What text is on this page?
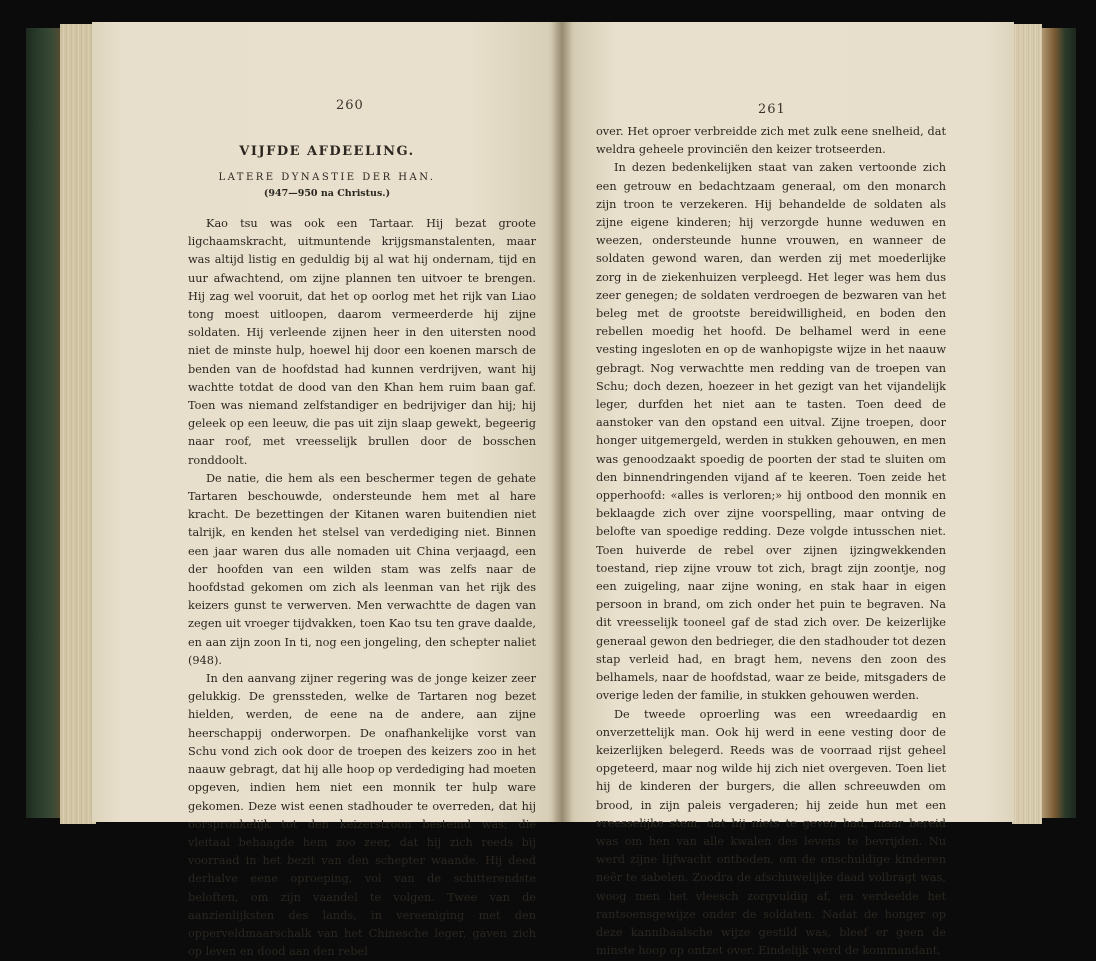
260
VIJFDE AFDEELING.
LATERE DYNASTIE DER HAN.
(947—950 na Christus.)

Kao tsu was ook een Tartaar. Hij bezat groote ligchaamskracht, uitmuntende krijgsmanstalenten, maar was altijd listig en geduldig bij al wat hij ondernam, tijd en uur afwachtend, om zijne plannen ten uitvoer te brengen. Hij zag wel vooruit, dat het op oorlog met het rijk van Liao tong moest uitloopen, daarom vermeerderde hij zijne soldaten. Hij verleende zijnen heer in den uitersten nood niet de minste hulp, hoewel hij door een koenen marsch de benden van de hoofdstad had kunnen verdrijven, want hij wachtte totdat de dood van den Khan hem ruim baan gaf. Toen was niemand zelfstandiger en bedrijviger dan hij; hij geleek op een leeuw, die pas uit zijn slaap gewekt, begeerig naar roof, met vreesselijk brullen door de bosschen ronddoolt.

De natie, die hem als een beschermer tegen de gehate Tartaren beschouwde, ondersteunde hem met al hare kracht. De bezettingen der Kitanen waren buitendien niet talrijk, en kenden het stelsel van verdediging niet. Binnen een jaar waren dus alle nomaden uit China verjaagd, een der hoofden van een wilden stam was zelfs naar de hoofdstad gekomen om zich als leenman van het rijk des keizers gunst te verwerven. Men verwachtte de dagen van zegen uit vroeger tijdvakken, toen Kao tsu ten grave daalde, en aan zijn zoon In ti, nog een jongeling, den schepter naliet (948).

In den aanvang zijner regering was de jonge keizer zeer gelukkig. De grenssteden, welke de Tartaren nog bezet hielden, werden, de eene na de andere, aan zijne heerschappij onderworpen. De onafhankelijke vorst van Schu vond zich ook door de troepen des keizers zoo in het naauw gebragt, dat hij alle hoop op verdediging had moeten opgeven, indien hem niet een monnik ter hulp ware gekomen. Deze wist eenen stadhouder te overreden, dat hij oorspronkelijk tot den keizerstroon bestemd was; die vleitaal behaagde hem zoo zeer, dat hij zich reeds bij voorraad in het bezit van den schepter waande. Hij deed derhalve eene oproeping, vol van de schitterendste beloften, om zijn vaandel te volgen. Twee van de aanzienlijksten des lands, in vereeniging met den opperveldmaarschalk van het Chinesche leger, gaven zich op leven en dood aan den rebel

261

over. Het oproer verbreidde zich met zulk eene snelheid, dat weldra geheele provinciën den keizer trotseerden.

In dezen bedenkelijken staat van zaken vertoonde zich een getrouw en bedachtzaam generaal, om den monarch zijn troon te verzekeren. Hij behandelde de soldaten als zijne eigene kinderen; hij verzorgde hunne weduwen en weezen, ondersteunde hunne vrouwen, en wanneer de soldaten gewond waren, dan werden zij met moederlijke zorg in de ziekenhuizen verpleegd. Het leger was hem dus zeer genegen; de soldaten verdroegen de bezwaren van het beleg met de grootste bereidwilligheid, en boden den rebellen moedig het hoofd. De belhamel werd in eene vesting ingesloten en op de wanhopigste wijze in het naauw gebragt. Nog verwachtte men redding van de troepen van Schu; doch dezen, hoezeer in het gezigt van het vijandelijk leger, durfden het niet aan te tasten. Toen deed de aanstoker van den opstand een uitval. Zijne troepen, door honger uitgemergeld, werden in stukken gehouwen, en men was genoodzaakt spoedig de poorten der stad te sluiten om den binnendringenden vijand af te keeren. Toen zeide het opperhoofd: «alles is verloren;» hij ontbood den monnik en beklaagde zich over zijne voorspelling, maar ontving de belofte van spoedige redding. Deze volgde intusschen niet. Toen huiverde de rebel over zijnen ijzingwekkenden toestand, riep zijne vrouw tot zich, bragt zijn zoontje, nog een zuigeling, naar zijne woning, en stak haar in eigen persoon in brand, om zich onder het puin te begraven. Na dit vreesselijk tooneel gaf de stad zich over. De keizerlijke generaal gewon den bedrieger, die den stadhouder tot dezen stap verleid had, en bragt hem, nevens den zoon des belhamels, naar de hoofdstad, waar ze beide, mitsgaders de overige leden der familie, in stukken gehouwen werden.

De tweede oproerling was een wreedaardig en onverzettelijk man. Ook hij werd in eene vesting door de keizerlijken belegerd. Reeds was de voorraad rijst geheel opgeteerd, maar nog wilde hij zich niet overgeven. Toen liet hij de kinderen der burgers, die allen schreeuwden om brood, in zijn paleis vergaderen; hij zeide hun met een vreesselijke stem, dat hij niets te geven had, maar bereid was om hen van alle kwalen des levens te bevrijden. Nu werd zijne lijfwacht ontboden, om de onschuldige kinderen neêr te sabelen. Zoodra de afschuwelijke daad volbragt was, woog men het vleesch zorgvuldig af, en verdeelde het rantsoensgewijze onder de soldaten. Nadat de honger op deze kannibaalsche wijze gestild was, bleef er geen de minste hoop op ontzet over. Eindelijk werd de kommandant,
